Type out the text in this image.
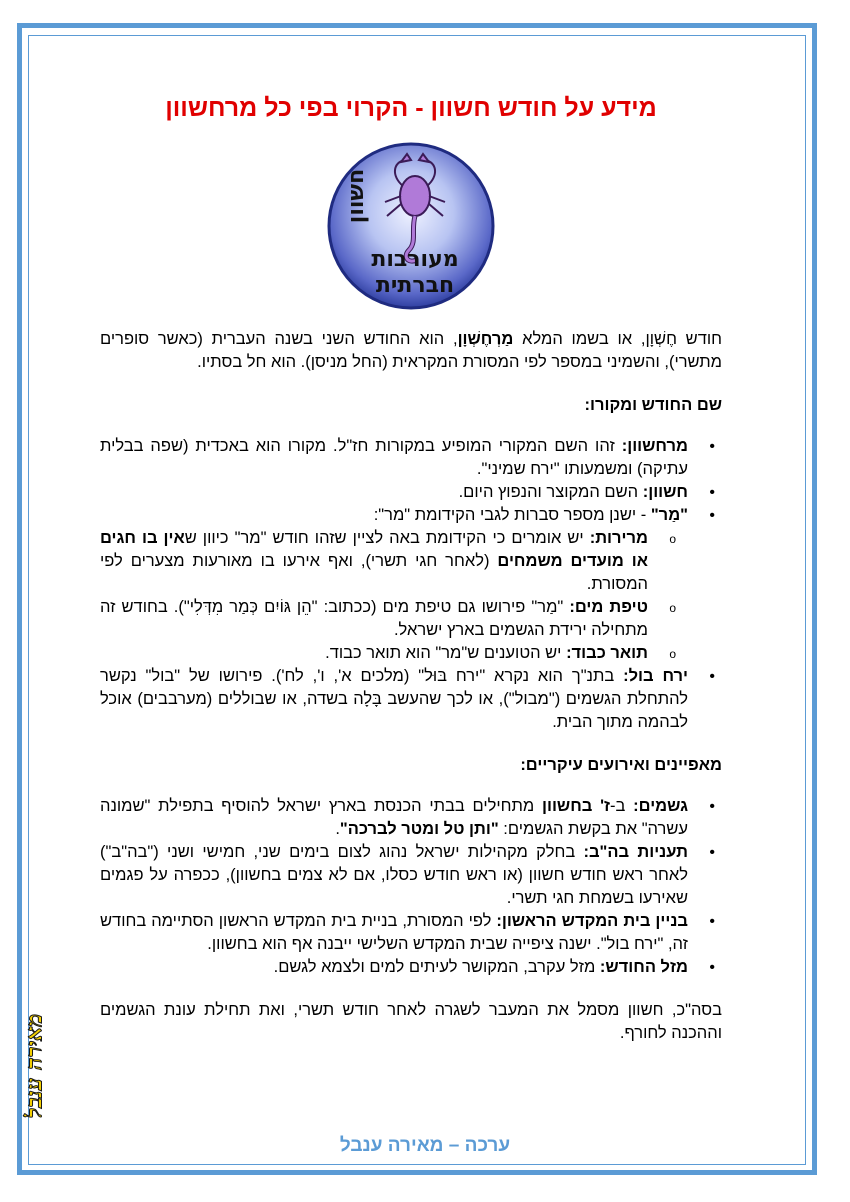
מידע על חודש חשוון - הקרוי בפי כל מרחשוון
חשוון
מעורבות
חברתית

חודש חֶשְׁוָן, או בשמו המלא מַרְחֶשְׁוָן, הוא החודש השני בשנה העברית (כאשר סופרים מתשרי), והשמיני במספר לפי המסורת המקראית (החל מניסן). הוא חל בסתיו.

שם החודש ומקורו:

• מרחשוון: זהו השם המקורי המופיע במקורות חז"ל. מקורו הוא באכדית (שפה בבלית עתיקה) ומשמעותו "ירח שמיני".
• חשוון: השם המקוצר והנפוץ היום.
• "מַר" - ישנן מספר סברות לגבי הקידומת "מר":
o מרירות: יש אומרים כי הקידומת באה לציין שזהו חודש "מר" כיוון שאין בו חגים או מועדים משמחים (לאחר חגי תשרי), ואף אירעו בו מאורעות מצערים לפי המסורת.
o טיפת מים: "מַר" פירושו גם טיפת מים (ככתוב: "הֵן גּוֹיִם כְּמַר מִדְּלִי"). בחודש זה מתחילה ירידת הגשמים בארץ ישראל.
o תואר כבוד: יש הטוענים ש"מר" הוא תואר כבוד.
• ירח בול: בתנ"ך הוא נקרא "ירח בּוּל" (מלכים א', ו', לח'). פירושו של "בול" נקשר להתחלת הגשמים ("מבול"), או לכך שהעשב בָּלָה בשדה, או שבוללים (מערבבים) אוכל לבהמה מתוך הבית.

מאפיינים ואירועים עיקריים:

• גשמים: ב-ז' בחשוון מתחילים בבתי הכנסת בארץ ישראל להוסיף בתפילת "שמונה עשרה" את בקשת הגשמים: "ותן טל ומטר לברכה".
• תעניות בה"ב: בחלק מקהילות ישראל נהוג לצום בימים שני, חמישי ושני ("בה"ב") לאחר ראש חודש חשוון (או ראש חודש כסלו, אם לא צמים בחשוון), ככפרה על פגמים שאירעו בשמחת חגי תשרי.
• בניין בית המקדש הראשון: לפי המסורת, בניית בית המקדש הראשון הסתיימה בחודש זה, "ירח בול". ישנה ציפייה שבית המקדש השלישי ייבנה אף הוא בחשוון.
• מזל החודש: מזל עקרב, המקושר לעיתים למים ולצמא לגשם.

בסה"כ, חשוון מסמל את המעבר לשגרה לאחר חודש תשרי, ואת תחילת עונת הגשמים וההכנה לחורף.

ערכה – מאירה ענבל
מאירה ענבל
